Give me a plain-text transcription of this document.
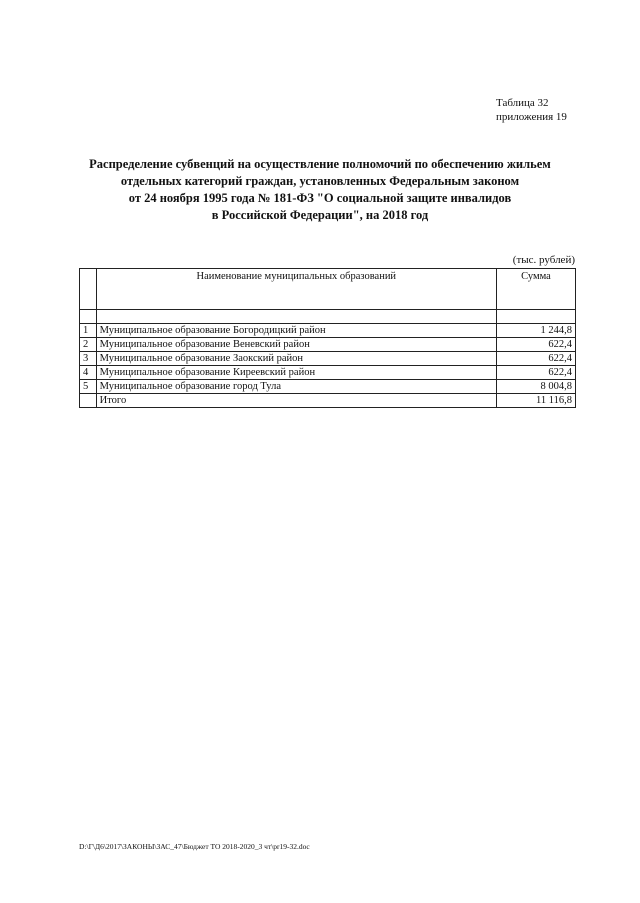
Таблица 32
приложения 19
Распределение субвенций на осуществление полномочий по обеспечению жильем
отдельных категорий граждан, установленных Федеральным законом
от 24 ноября 1995 года № 181-ФЗ "О социальной защите инвалидов
в Российской Федерации", на 2018 год
(тыс. рублей)
	Наименование муниципальных образований	Сумма

1	Муниципальное образование Богородицкий район	1 244,8
2	Муниципальное образование Веневский район	622,4
3	Муниципальное образование Заокский район	622,4
4	Муниципальное образование Киреевский район	622,4
5	Муниципальное образование город Тула	8 004,8
	Итого	11 116,8
D:\Г\Д6\2017\ЗАКОНЫ\ЗАС_47\Бюджет ТО 2018-2020_3 чт\pr19-32.doc
